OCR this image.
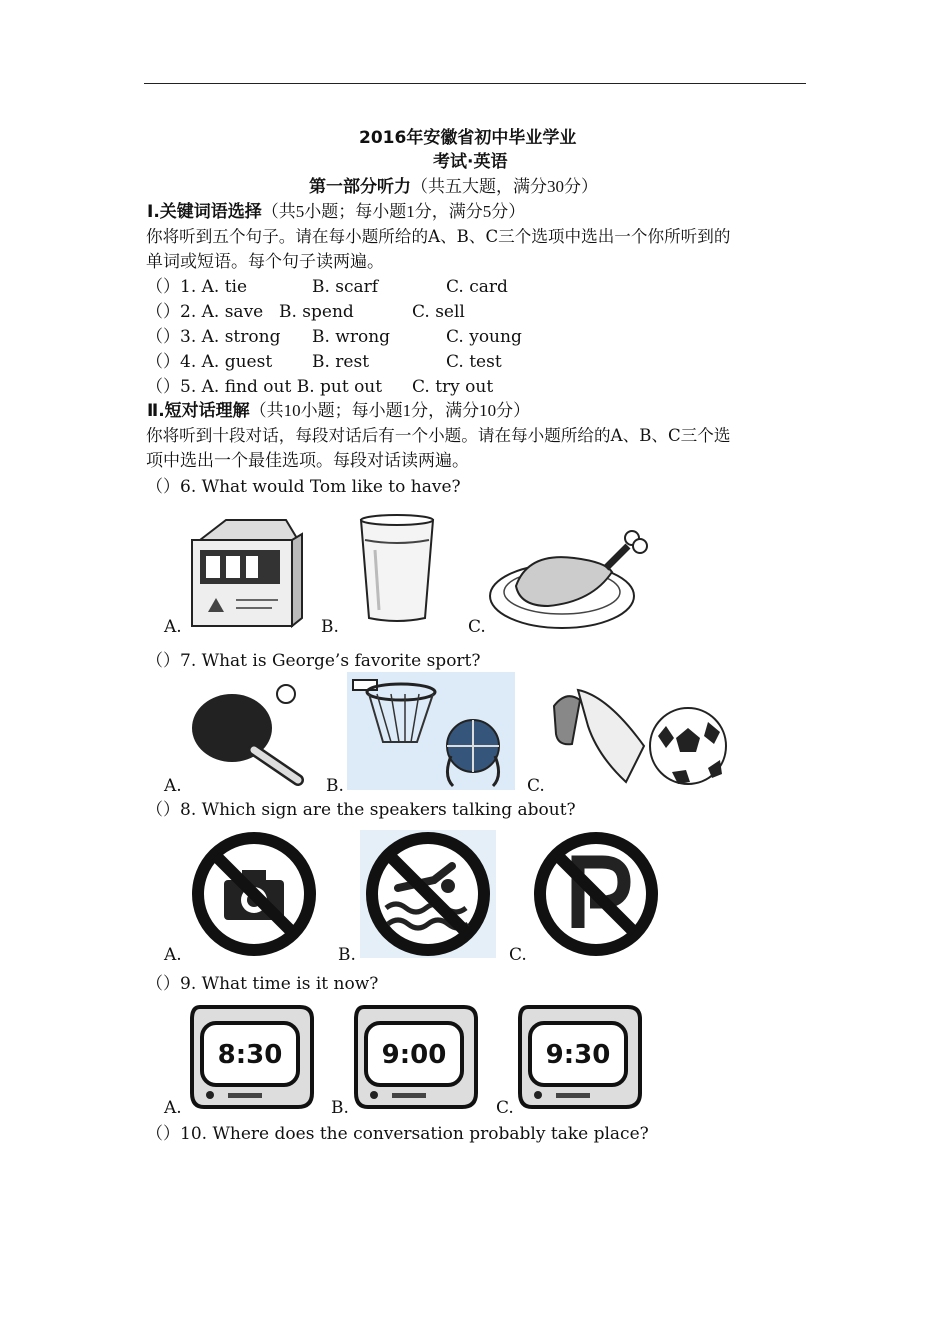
2016年安徽省初中毕业学业
考试·英语
第一部分听力（共五大题，满分30分）
Ⅰ.关键词语选择（共5小题；每小题1分，满分5分）
你将听到五个句子。请在每小题所给的A、B、C三个选项中选出一个你所听到的
单词或短语。每个句子读两遍。
（）1. A. tie	B. scarf	C. card
（）2. A. save B. spend	C. sell
（）3. A. strong B. wrong	C. young
（）4. A. guest B. rest	C. test
（）5. A. find out B. put out C. try out
Ⅱ.短对话理解（共10小题；每小题1分，满分10分）
你将听到十段对话，每段对话后有一个小题。请在每小题所给的A、B、C三个选
项中选出一个最佳选项。每段对话读两遍。
（）6. What would Tom like to have?
A.	B.	C.
（）7. What is George’s favorite sport?
A.	B.	C.
（）8. Which sign are the speakers talking about?
A.	B.	C.
（）9. What time is it now?
8:30	9:00	9:30
A.	B.	C.
（）10. Where does the conversation probably take place?
